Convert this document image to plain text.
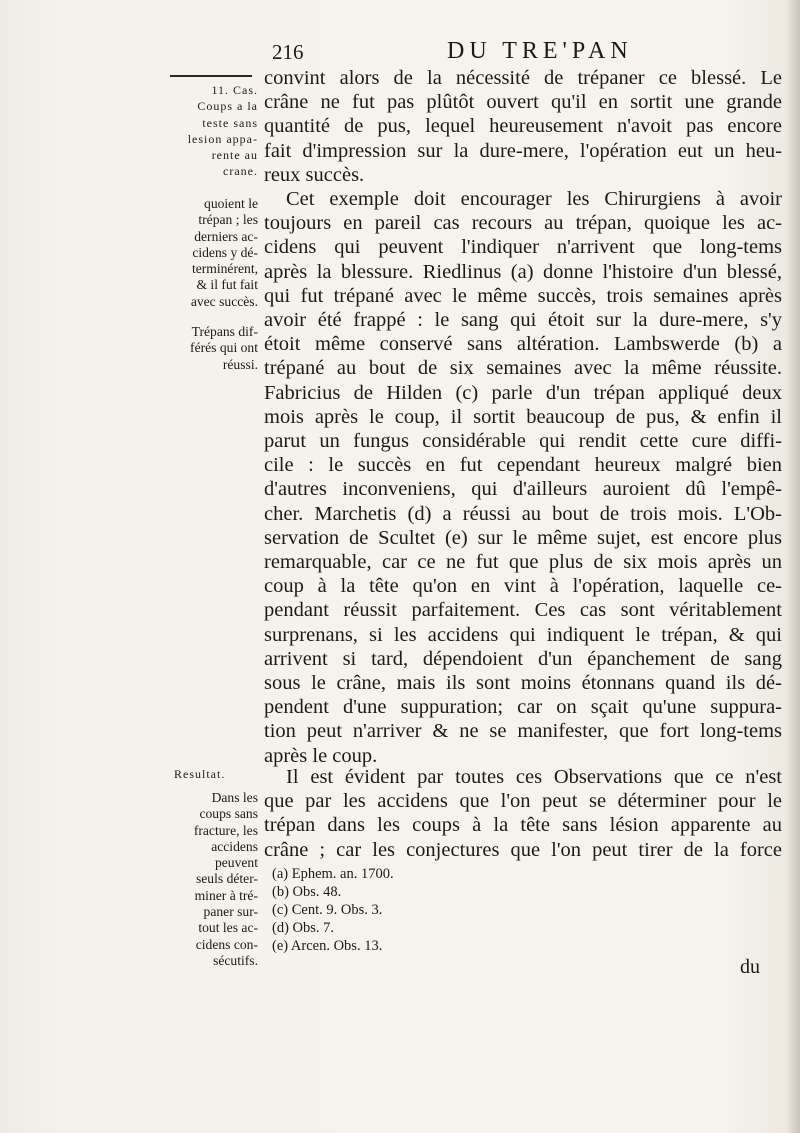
216	DU TRE'PAN
11. Cas.
Coups a la
teste sans
lesion appa-
rente au
crane.
quoient le
trépan ; les
derniers ac-
cidens y dé-
terminérent,
& il fut fait
avec succès.
Trépans dif-
férés qui ont
réussi.
Resultat.
Dans les
coups sans
fracture, les
accidens
peuvent
seuls déter-
miner à tré-
paner sur-
tout les ac-
cidens con-
sécutifs.
convint alors de la nécessité de trépaner ce blessé. Le
crâne ne fut pas plûtôt ouvert qu'il en sortit une grande
quantité de pus, lequel heureusement n'avoit pas encore
fait d'impression sur la dure-mere, l'opération eut un heu-
reux succès.
Cet exemple doit encourager les Chirurgiens à avoir
toujours en pareil cas recours au trépan, quoique les ac-
cidens qui peuvent l'indiquer n'arrivent que long-tems
après la blessure. Riedlinus (a) donne l'histoire d'un blessé,
qui fut trépané avec le même succès, trois semaines après
avoir été frappé : le sang qui étoit sur la dure-mere, s'y
étoit même conservé sans altération. Lambswerde (b) a
trépané au bout de six semaines avec la même réussite.
Fabricius de Hilden (c) parle d'un trépan appliqué deux
mois après le coup, il sortit beaucoup de pus, & enfin il
parut un fungus considérable qui rendit cette cure diffi-
cile : le succès en fut cependant heureux malgré bien
d'autres inconveniens, qui d'ailleurs auroient dû l'empê-
cher. Marchetis (d) a réussi au bout de trois mois. L'Ob-
servation de Scultet (e) sur le même sujet, est encore plus
remarquable, car ce ne fut que plus de six mois après un
coup à la tête qu'on en vint à l'opération, laquelle ce-
pendant réussit parfaitement. Ces cas sont véritablement
surprenans, si les accidens qui indiquent le trépan, & qui
arrivent si tard, dépendoient d'un épanchement de sang
sous le crâne, mais ils sont moins étonnans quand ils dé-
pendent d'une suppuration; car on sçait qu'une suppura-
tion peut n'arriver & ne se manifester, que fort long-tems
après le coup.
Il est évident par toutes ces Observations que ce n'est
que par les accidens que l'on peut se déterminer pour le
trépan dans les coups à la tête sans lésion apparente au
crâne ; car les conjectures que l'on peut tirer de la force
(a) Ephem. an. 1700.
(b) Obs. 48.
(c) Cent. 9. Obs. 3.
(d) Obs. 7.
(e) Arcen. Obs. 13.
du
